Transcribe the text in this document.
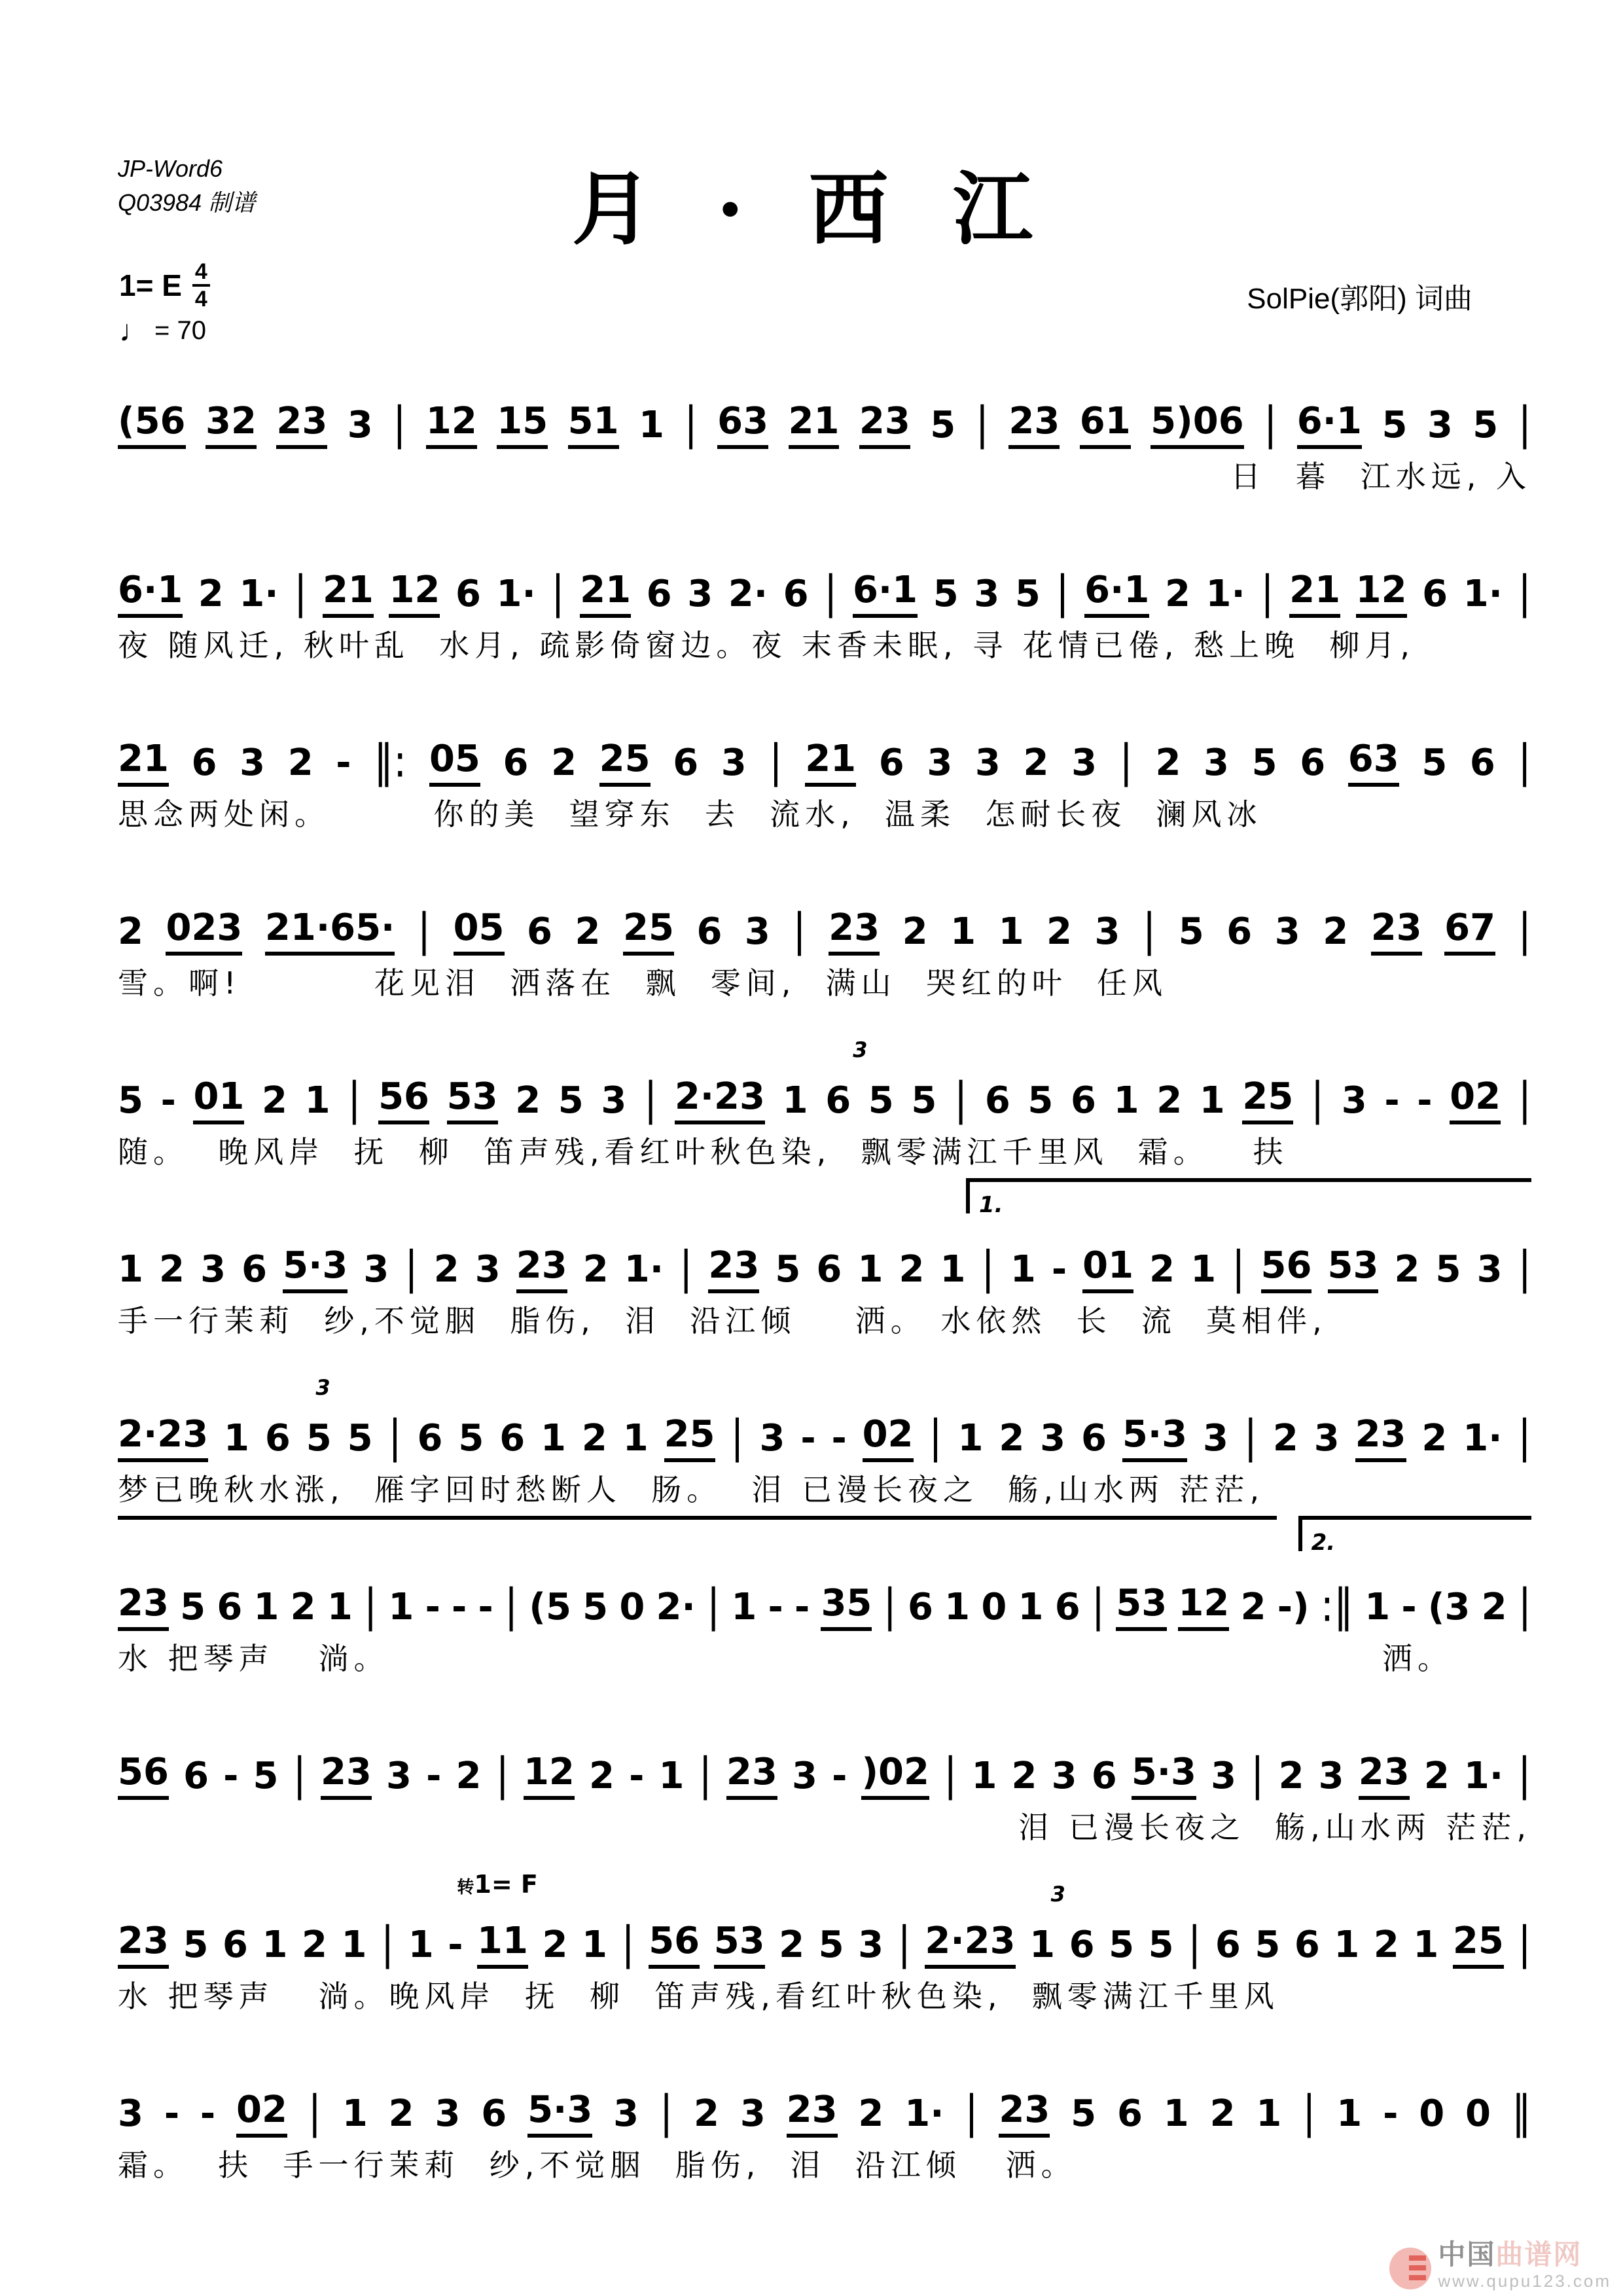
JP-Word6
Q03984 制谱	月 · 西 江
1= E $\frac{4}{4}$
♩ = 70
SolPie(郭阳) 词曲
(56 32 23 3 | 12 15 51 1 | 63 21 23 5 | 23 61 5)06 | 6·1 5 3 5 |
日  暮  江水远, 入
6·1 2 1· | 21 12 6 1· | 21 6 3 2· 6 | 6·1 5 3 5 | 6·1 2 1· | 21 12 6 1· |
夜 随风迁, 秋叶乱  水月, 疏影倚窗边。夜 末香未眠, 寻 花情已倦, 愁上晚  柳月,
21 6 3 2 - ‖: 05 6 2 25 6 3 | 21 6 3 3 2 3 | 2 3 5 6 63 5 6 |
思念两处闲。       你的美  望穿东  去  流水,  温柔  怎耐长夜  澜风冰
2 023 21·65· | 05 6 2 25 6 3 | 23 2 1 1 2 3 | 5 6 3 2 23 67 |
雪。啊!         花见泪  洒落在  飘  零间,  满山  哭红的叶  任风
3
5 - 01 2 1 | 56 53 2 5 3 | 2·23 1 6 5 5 | 6 5 6 1 2 1 25 | 3 - - 02 |
随。  晚风岸  抚  柳  笛声残,看红叶秋色染,  飘零满江千里风  霜。   扶
1.
1 2 3 6 5·3 3 | 2 3 23 2 1· | 23 5 6 1 2 1 | 1 - 01 2 1 | 56 53 2 5 3 |
手一行茉莉  纱,不觉胭  脂伤,  泪  沿江倾    洒。 水依然  长  流  莫相伴,
3
2·23 1 6 5 5 | 6 5 6 1 2 1 25 | 3 - - 02 | 1 2 3 6 5·3 3 | 2 3 23 2 1· |
梦已晚秋水涨,  雁字回时愁断人  肠。  泪 已漫长夜之  觞,山水两 茫茫,
2.
23 5 6 1 2 1 | 1 - - - | (5 5 0 2· | 1 - - 35 | 6 1 0 1 6 | 53 12 2 -) :‖ 1 - (3 2 |
水 把琴声   淌。	洒。
56 6 - 5 | 23 3 - 2 | 12 2 - 1 | 23 3 - )02 | 1 2 3 6 5·3 3 | 2 3 23 2 1· |
泪 已漫长夜之  觞,山水两 茫茫,
转1= F	3
23 5 6 1 2 1 | 1 - 11 2 1 | 56 53 2 5 3 | 2·23 1 6 5 5 | 6 5 6 1 2 1 25 |
水 把琴声   淌。晚风岸  抚  柳  笛声残,看红叶秋色染,  飘零满江千里风
3 - - 02 | 1 2 3 6 5·3 3 | 2 3 23 2 1· | 23 5 6 1 2 1 | 1 - 0 0 ‖
霜。  扶  手一行茉莉  纱,不觉胭  脂伤,  泪  沿江倾   洒。
中国曲谱网
www.qupu123.com
